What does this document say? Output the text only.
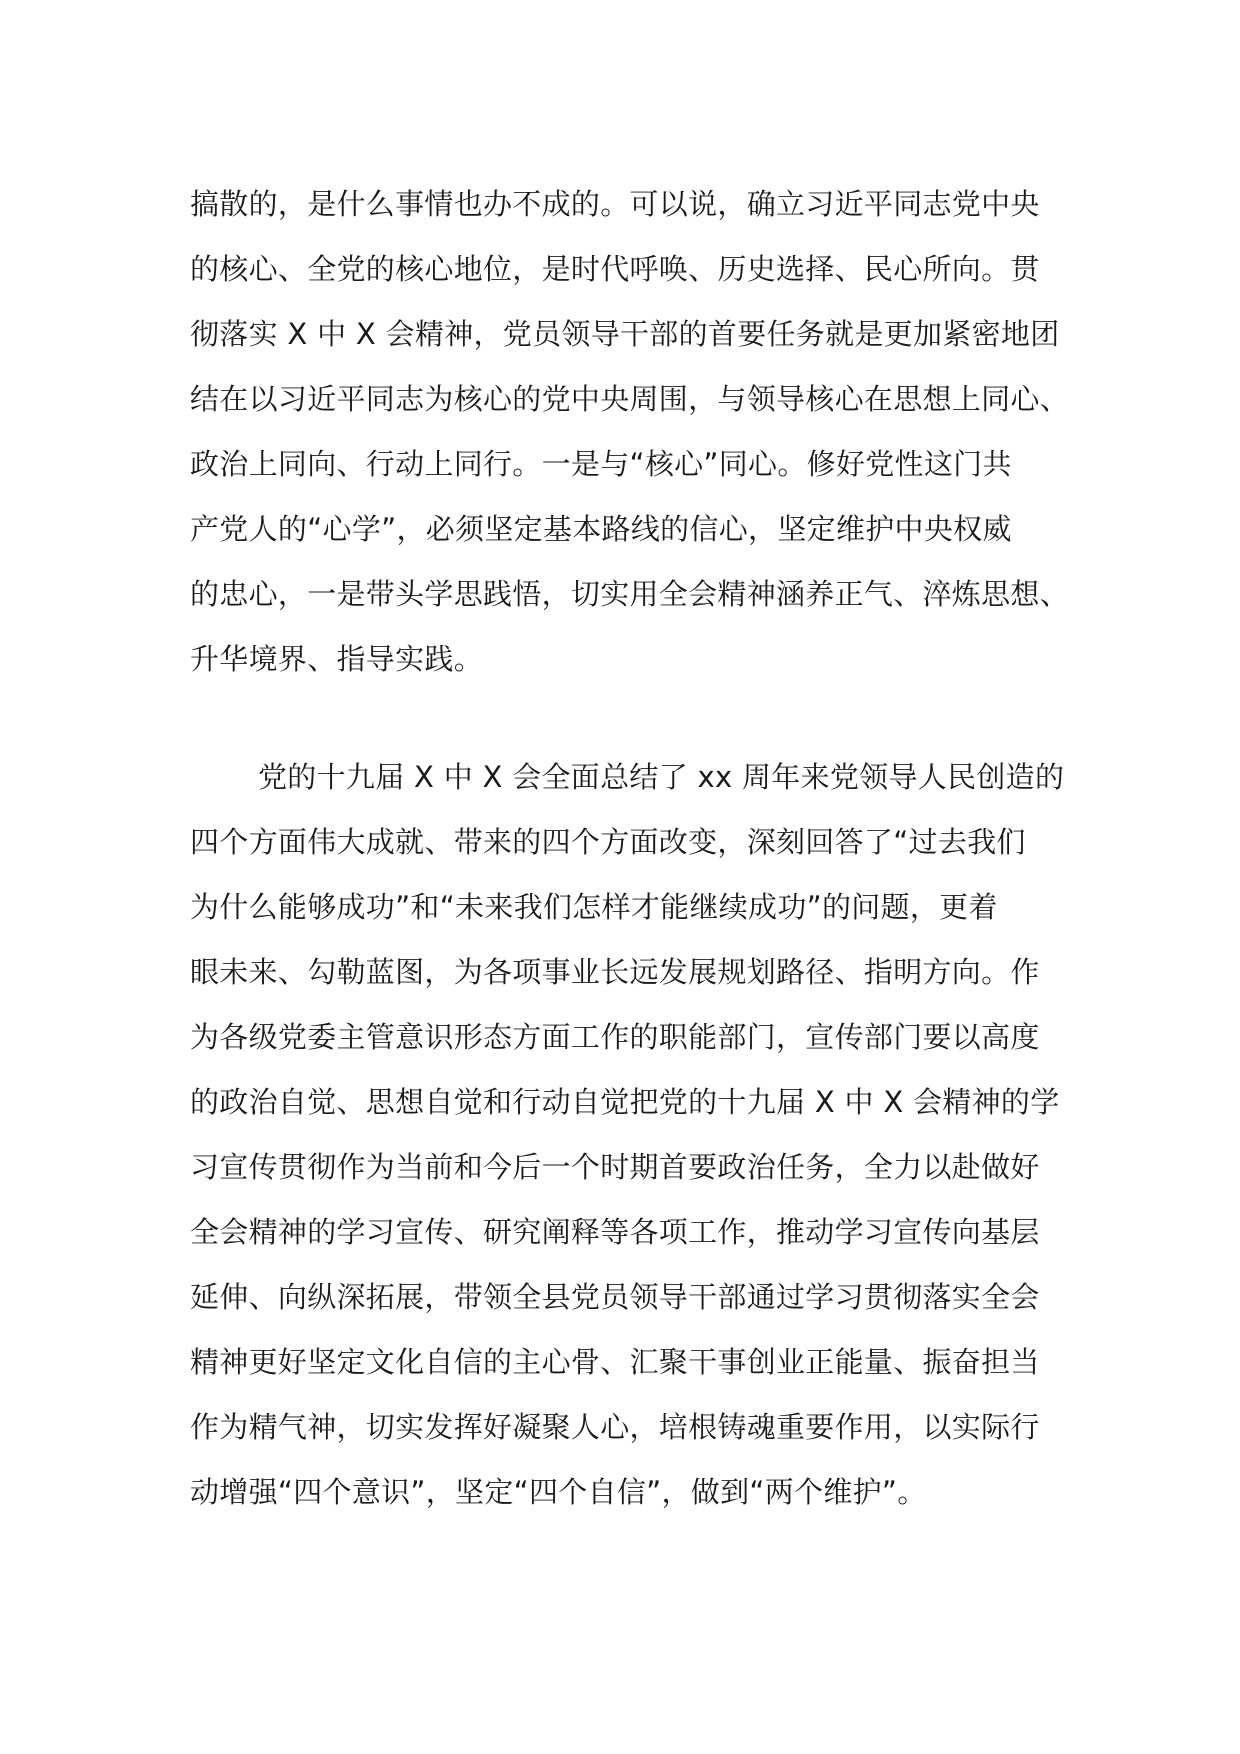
搞散的，是什么事情也办不成的。可以说，确立习近平同志党中央
的核心、全党的核心地位，是时代呼唤、历史选择、民心所向。贯
彻落实 X 中 X 会精神，党员领导干部的首要任务就是更加紧密地团
结在以习近平同志为核心的党中央周围，与领导核心在思想上同心、
政治上同向、行动上同行。一是与“核心”同心。修好党性这门共
产党人的“心学”，必须坚定基本路线的信心，坚定维护中央权威
的忠心，一是带头学思践悟，切实用全会精神涵养正气、淬炼思想、
升华境界、指导实践。
党的十九届 X 中 X 会全面总结了 xx 周年来党领导人民创造的
四个方面伟大成就、带来的四个方面改变，深刻回答了“过去我们
为什么能够成功”和“未来我们怎样才能继续成功”的问题，更着
眼未来、勾勒蓝图，为各项事业长远发展规划路径、指明方向。作
为各级党委主管意识形态方面工作的职能部门，宣传部门要以高度
的政治自觉、思想自觉和行动自觉把党的十九届 X 中 X 会精神的学
习宣传贯彻作为当前和今后一个时期首要政治任务，全力以赴做好
全会精神的学习宣传、研究阐释等各项工作，推动学习宣传向基层
延伸、向纵深拓展，带领全县党员领导干部通过学习贯彻落实全会
精神更好坚定文化自信的主心骨、汇聚干事创业正能量、振奋担当
作为精气神，切实发挥好凝聚人心，培根铸魂重要作用，以实际行
动增强“四个意识”，坚定“四个自信”，做到“两个维护”。
